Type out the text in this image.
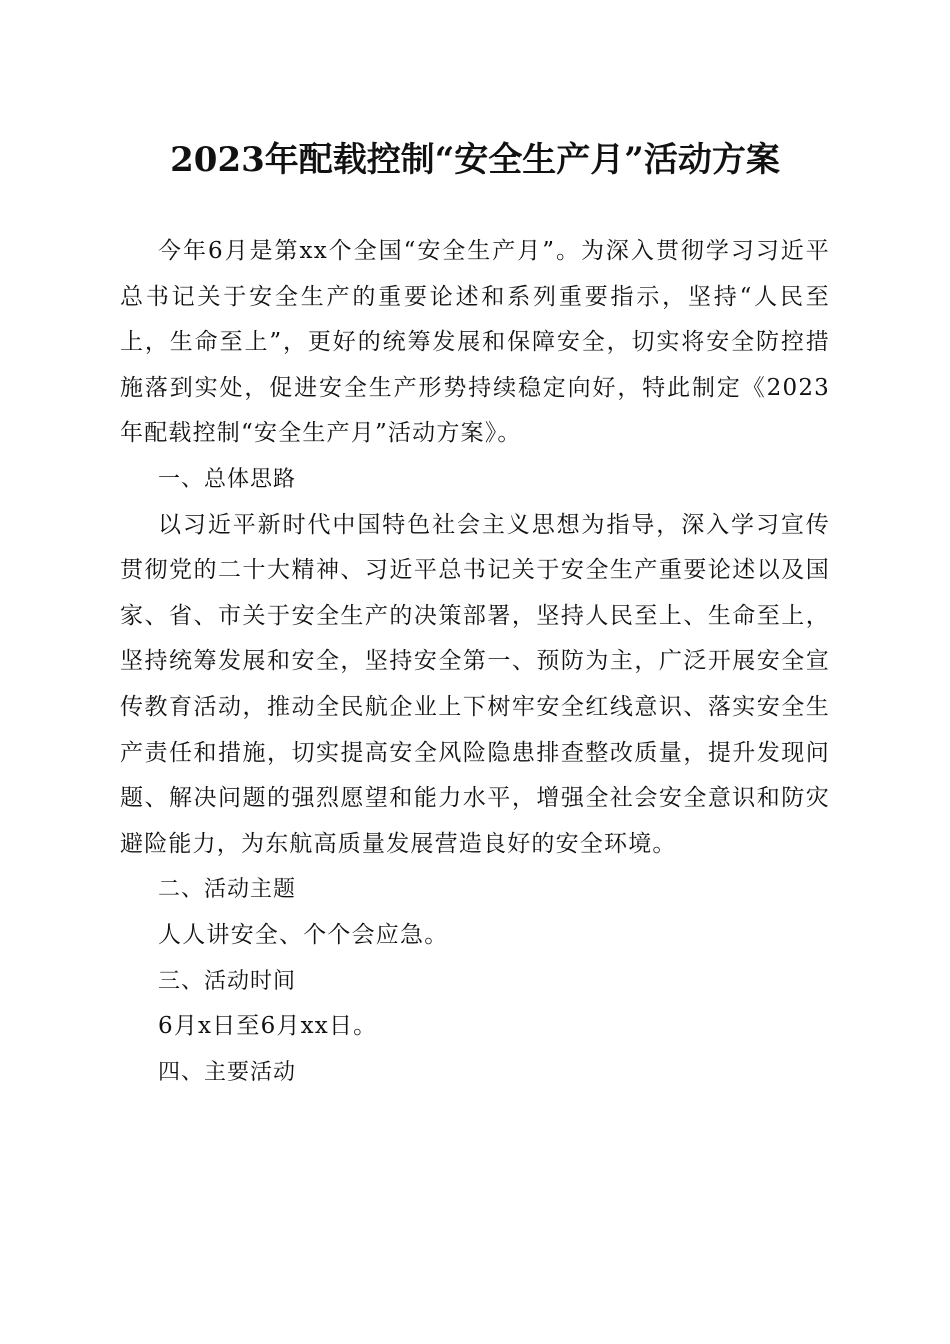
2023年配载控制“安全生产月”活动方案

今年6月是第xx个全国“安全生产月”。为深入贯彻学习习近平总书记关于安全生产的重要论述和系列重要指示，坚持“人民至上，生命至上”，更好的统筹发展和保障安全，切实将安全防控措施落到实处，促进安全生产形势持续稳定向好，特此制定《2023年配载控制“安全生产月”活动方案》。

一、总体思路

以习近平新时代中国特色社会主义思想为指导，深入学习宣传贯彻党的二十大精神、习近平总书记关于安全生产重要论述以及国家、省、市关于安全生产的决策部署，坚持人民至上、生命至上，坚持统筹发展和安全，坚持安全第一、预防为主，广泛开展安全宣传教育活动，推动全民航企业上下树牢安全红线意识、落实安全生产责任和措施，切实提高安全风险隐患排查整改质量，提升发现问题、解决问题的强烈愿望和能力水平，增强全社会安全意识和防灾避险能力，为东航高质量发展营造良好的安全环境。

二、活动主题

人人讲安全、个个会应急。

三、活动时间

6月x日至6月xx日。

四、主要活动
